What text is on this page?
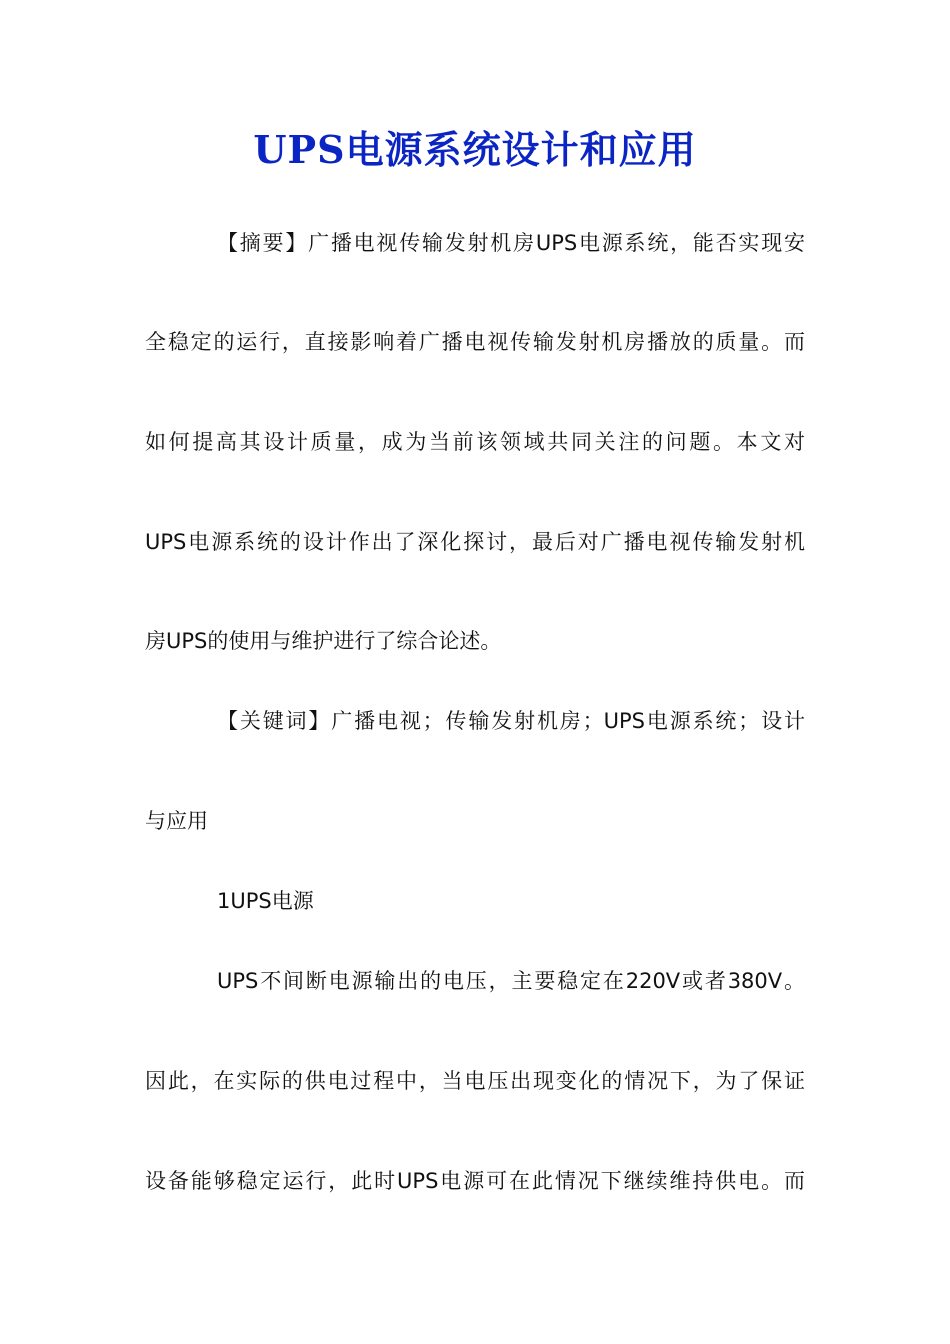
UPS电源系统设计和应用
【摘要】广播电视传输发射机房UPS电源系统，能否实现安
全稳定的运行，直接影响着广播电视传输发射机房播放的质量。而
如何提高其设计质量，成为当前该领域共同关注的问题。本文对
UPS电源系统的设计作出了深化探讨，最后对广播电视传输发射机
房UPS的使用与维护进行了综合论述。
【关键词】广播电视；传输发射机房；UPS电源系统；设计
与应用
1UPS电源
UPS不间断电源输出的电压，主要稳定在220V或者380V。
因此，在实际的供电过程中，当电压出现变化的情况下，为了保证
设备能够稳定运行，此时UPS电源可在此情况下继续维持供电。而
